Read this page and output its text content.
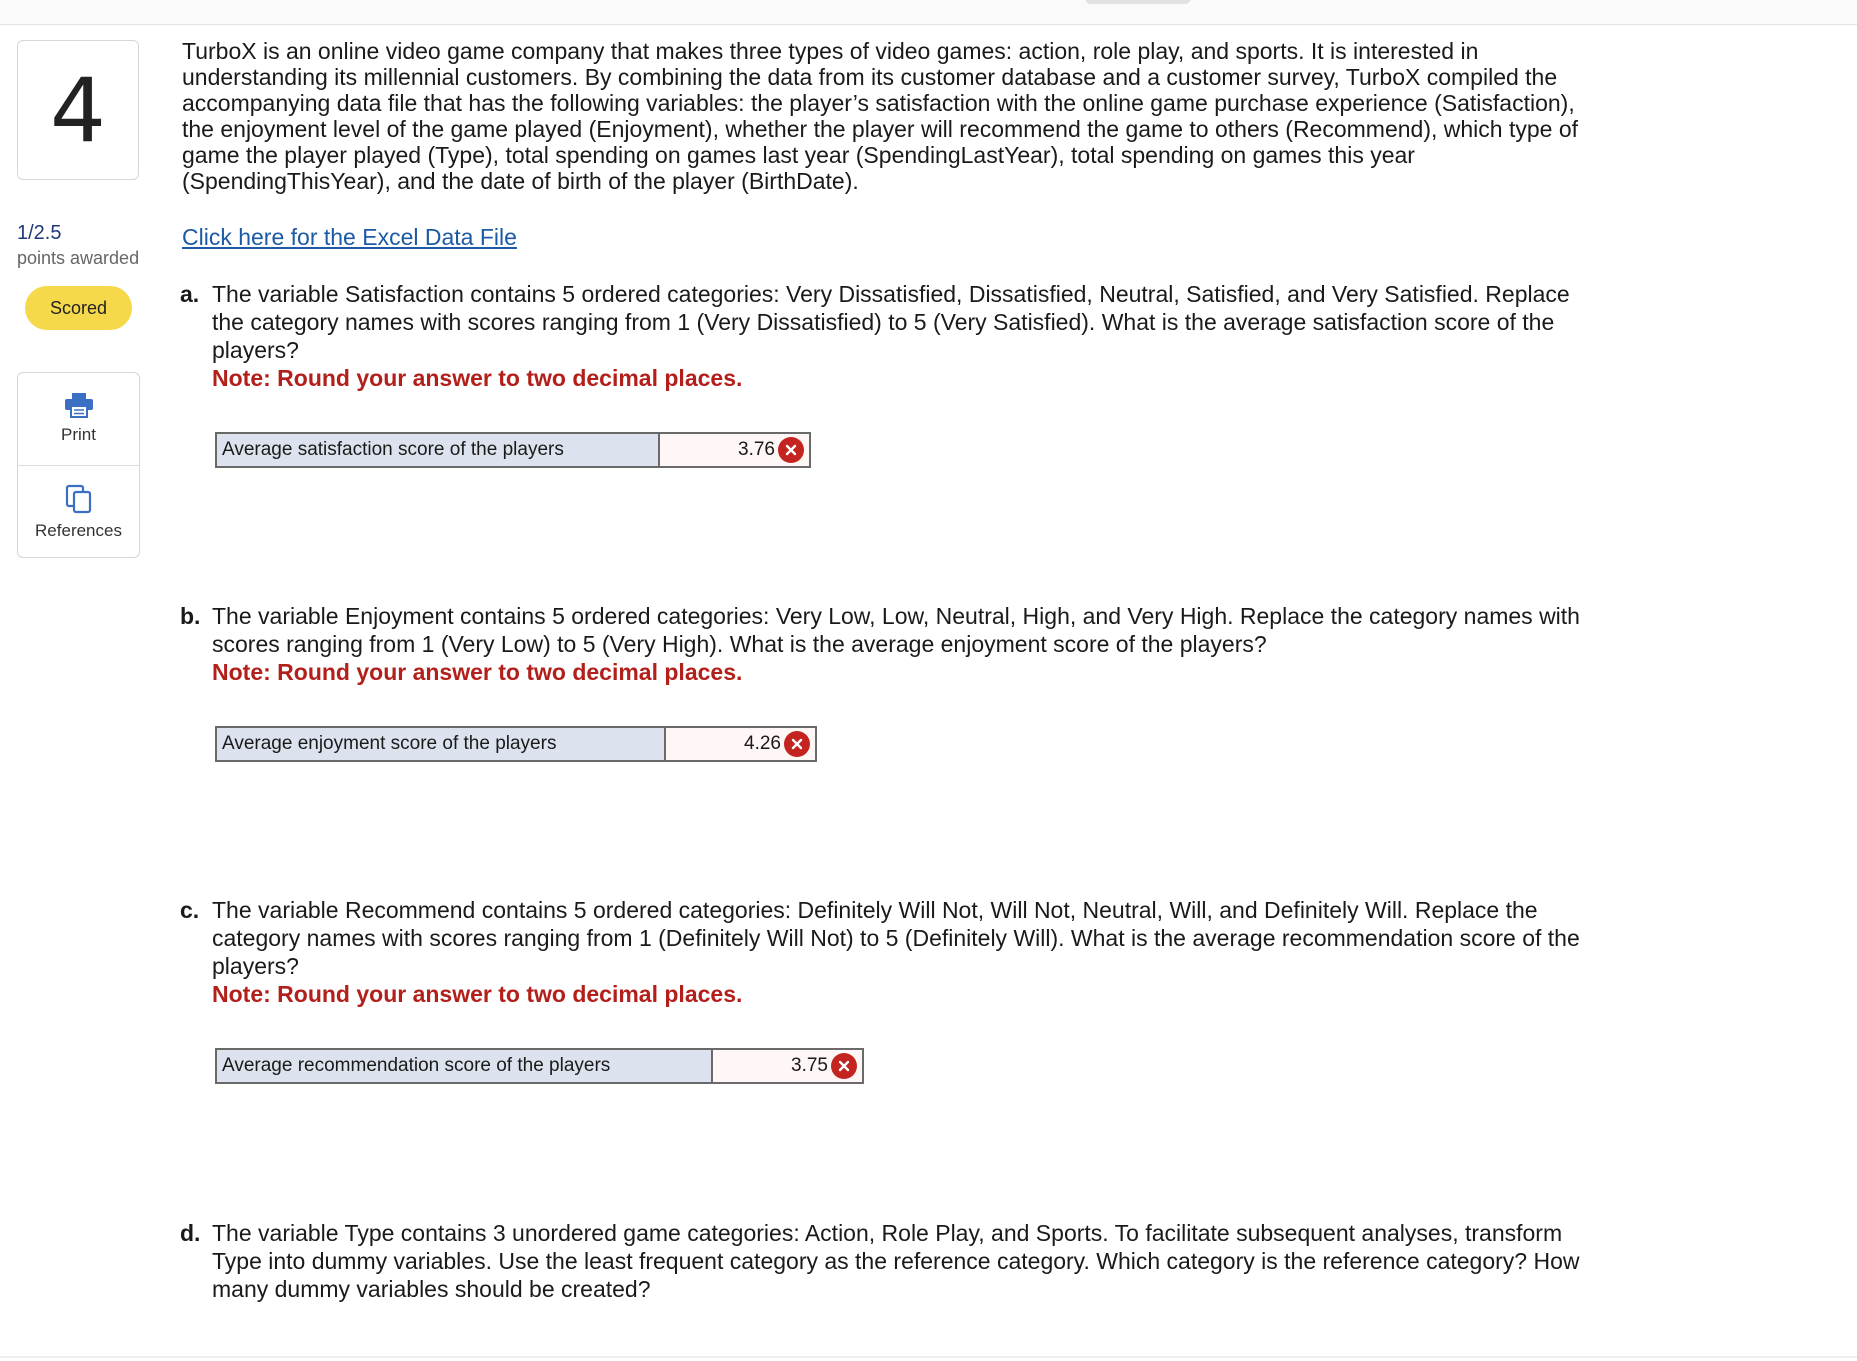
4
1/2.5
points awarded
Scored
Print
References
TurboX is an online video game company that makes three types of video games: action, role play, and sports. It is interested in understanding its millennial customers. By combining the data from its customer database and a customer survey, TurboX compiled the accompanying data file that has the following variables: the player’s satisfaction with the online game purchase experience (Satisfaction), the enjoyment level of the game played (Enjoyment), whether the player will recommend the game to others (Recommend), which type of game the player played (Type), total spending on games last year (SpendingLastYear), total spending on games this year (SpendingThisYear), and the date of birth of the player (BirthDate).
Click here for the Excel Data File
a. The variable Satisfaction contains 5 ordered categories: Very Dissatisfied, Dissatisfied, Neutral, Satisfied, and Very Satisfied. Replace the category names with scores ranging from 1 (Very Dissatisfied) to 5 (Very Satisfied). What is the average satisfaction score of the players?
Note: Round your answer to two decimal places.
Average satisfaction score of the players	3.76
b. The variable Enjoyment contains 5 ordered categories: Very Low, Low, Neutral, High, and Very High. Replace the category names with scores ranging from 1 (Very Low) to 5 (Very High). What is the average enjoyment score of the players?
Note: Round your answer to two decimal places.
Average enjoyment score of the players	4.26
c. The variable Recommend contains 5 ordered categories: Definitely Will Not, Will Not, Neutral, Will, and Definitely Will. Replace the category names with scores ranging from 1 (Definitely Will Not) to 5 (Definitely Will). What is the average recommendation score of the players?
Note: Round your answer to two decimal places.
Average recommendation score of the players	3.75
d. The variable Type contains 3 unordered game categories: Action, Role Play, and Sports. To facilitate subsequent analyses, transform Type into dummy variables. Use the least frequent category as the reference category. Which category is the reference category? How many dummy variables should be created?
